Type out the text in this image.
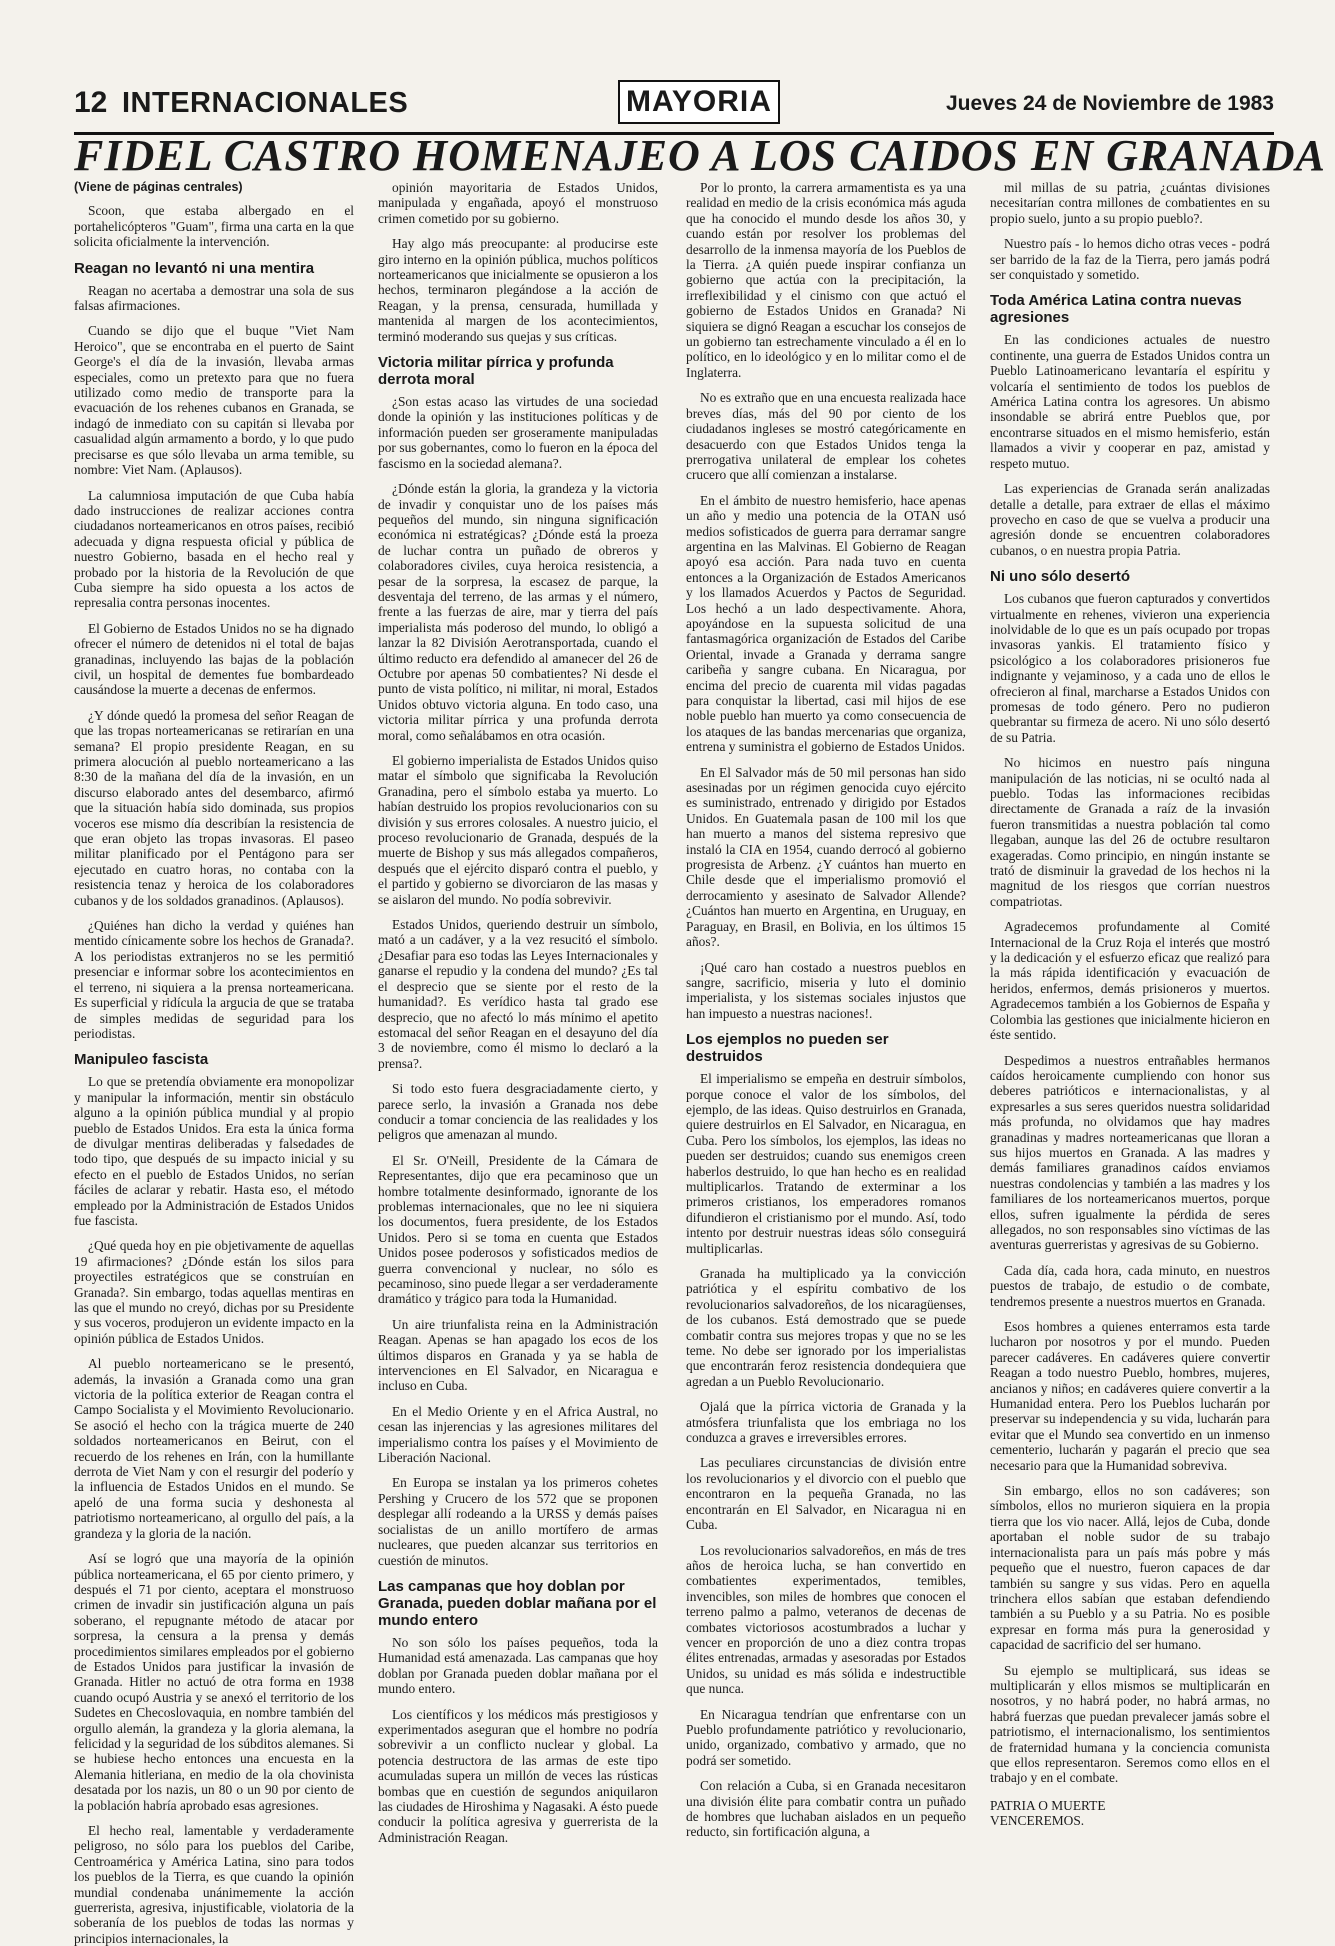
12 INTERNACIONALES	MAYORIA	Jueves 24 de Noviembre de 1983
FIDEL CASTRO HOMENAJEO A LOS CAIDOS EN GRANADA
(Viene de páginas centrales)

Scoon, que estaba albergado en el portahelicópteros "Guam", firma una carta en la que solicita oficialmente la intervención.

Reagan no levantó ni una mentira

Reagan no acertaba a demostrar una sola de sus falsas afirmaciones.

Cuando se dijo que el buque "Viet Nam Heroico", que se encontraba en el puerto de Saint George's el día de la invasión, llevaba armas especiales, como un pretexto para que no fuera utilizado como medio de transporte para la evacuación de los rehenes cubanos en Granada, se indagó de inmediato con su capitán si llevaba por casualidad algún armamento a bordo, y lo que pudo precisarse es que sólo llevaba un arma temible, su nombre: Viet Nam. (Aplausos).

La calumniosa imputación de que Cuba había dado instrucciones de realizar acciones contra ciudadanos norteamericanos en otros países, recibió adecuada y digna respuesta oficial y pública de nuestro Gobierno, basada en el hecho real y probado por la historia de la Revolución de que Cuba siempre ha sido opuesta a los actos de represalia contra personas inocentes.

El Gobierno de Estados Unidos no se ha dignado ofrecer el número de detenidos ni el total de bajas granadinas, incluyendo las bajas de la población civil, un hospital de dementes fue bombardeado causándose la muerte a decenas de enfermos.

¿Y dónde quedó la promesa del señor Reagan de que las tropas norteamericanas se retirarían en una semana? El propio presidente Reagan, en su primera alocución al pueblo norteamericano a las 8:30 de la mañana del día de la invasión, en un discurso elaborado antes del desembarco, afirmó que la situación había sido dominada, sus propios voceros ese mismo día describían la resistencia de que eran objeto las tropas invasoras. El paseo militar planificado por el Pentágono para ser ejecutado en cuatro horas, no contaba con la resistencia tenaz y heroica de los colaboradores cubanos y de los soldados granadinos. (Aplausos).

¿Quiénes han dicho la verdad y quiénes han mentido cínicamente sobre los hechos de Granada?. A los periodistas extranjeros no se les permitió presenciar e informar sobre los acontecimientos en el terreno, ni siquiera a la prensa norteamericana. Es superficial y ridícula la argucia de que se trataba de simples medidas de seguridad para los periodistas.

Manipuleo fascista

Lo que se pretendía obviamente era monopolizar y manipular la información, mentir sin obstáculo alguno a la opinión pública mundial y al propio pueblo de Estados Unidos. Era esta la única forma de divulgar mentiras deliberadas y falsedades de todo tipo, que después de su impacto inicial y su efecto en el pueblo de Estados Unidos, no serían fáciles de aclarar y rebatir. Hasta eso, el método empleado por la Administración de Estados Unidos fue fascista.

¿Qué queda hoy en pie objetivamente de aquellas 19 afirmaciones? ¿Dónde están los silos para proyectiles estratégicos que se construían en Granada?. Sin embargo, todas aquellas mentiras en las que el mundo no creyó, dichas por su Presidente y sus voceros, produjeron un evidente impacto en la opinión pública de Estados Unidos.

Al pueblo norteamericano se le presentó, además, la invasión a Granada como una gran victoria de la política exterior de Reagan contra el Campo Socialista y el Movimiento Revolucionario. Se asoció el hecho con la trágica muerte de 240 soldados norteamericanos en Beirut, con el recuerdo de los rehenes en Irán, con la humillante derrota de Viet Nam y con el resurgir del poderío y la influencia de Estados Unidos en el mundo. Se apeló de una forma sucia y deshonesta al patriotismo norteamericano, al orgullo del país, a la grandeza y la gloria de la nación.

Así se logró que una mayoría de la opinión pública norteamericana, el 65 por ciento primero, y después el 71 por ciento, aceptara el monstruoso crimen de invadir sin justificación alguna un país soberano, el repugnante método de atacar por sorpresa, la censura a la prensa y demás procedimientos similares empleados por el gobierno de Estados Unidos para justificar la invasión de Granada. Hitler no actuó de otra forma en 1938 cuando ocupó Austria y se anexó el territorio de los Sudetes en Checoslovaquia, en nombre también del orgullo alemán, la grandeza y la gloria alemana, la felicidad y la seguridad de los súbditos alemanes. Si se hubiese hecho entonces una encuesta en la Alemania hitleriana, en medio de la ola chovinista desatada por los nazis, un 80 o un 90 por ciento de la población habría aprobado esas agresiones.

El hecho real, lamentable y verdaderamente peligroso, no sólo para los pueblos del Caribe, Centroamérica y América Latina, sino para todos los pueblos de la Tierra, es que cuando la opinión mundial condenaba unánimemente la acción guerrerista, agresiva, injustificable, violatoria de la soberanía de los pueblos de todas las normas y principios internacionales, la

opinión mayoritaria de Estados Unidos, manipulada y engañada, apoyó el monstruoso crimen cometido por su gobierno.

Hay algo más preocupante: al producirse este giro interno en la opinión pública, muchos políticos norteamericanos que inicialmente se opusieron a los hechos, terminaron plegándose a la acción de Reagan, y la prensa, censurada, humillada y mantenida al margen de los acontecimientos, terminó moderando sus quejas y sus críticas.

Victoria militar pírrica y profunda derrota moral

¿Son estas acaso las virtudes de una sociedad donde la opinión y las instituciones políticas y de información pueden ser groseramente manipuladas por sus gobernantes, como lo fueron en la época del fascismo en la sociedad alemana?.

¿Dónde están la gloria, la grandeza y la victoria de invadir y conquistar uno de los países más pequeños del mundo, sin ninguna significación económica ni estratégicas? ¿Dónde está la proeza de luchar contra un puñado de obreros y colaboradores civiles, cuya heroica resistencia, a pesar de la sorpresa, la escasez de parque, la desventaja del terreno, de las armas y el número, frente a las fuerzas de aire, mar y tierra del país imperialista más poderoso del mundo, lo obligó a lanzar la 82 División Aerotransportada, cuando el último reducto era defendido al amanecer del 26 de Octubre por apenas 50 combatientes? Ni desde el punto de vista político, ni militar, ni moral, Estados Unidos obtuvo victoria alguna. En todo caso, una victoria militar pírrica y una profunda derrota moral, como señalábamos en otra ocasión.

El gobierno imperialista de Estados Unidos quiso matar el símbolo que significaba la Revolución Granadina, pero el símbolo estaba ya muerto. Lo habían destruido los propios revolucionarios con su división y sus errores colosales. A nuestro juicio, el proceso revolucionario de Granada, después de la muerte de Bishop y sus más allegados compañeros, después que el ejército disparó contra el pueblo, y el partido y gobierno se divorciaron de las masas y se aislaron del mundo. No podía sobrevivir.

Estados Unidos, queriendo destruir un símbolo, mató a un cadáver, y a la vez resucitó el símbolo. ¿Desafiar para eso todas las Leyes Internacionales y ganarse el repudio y la condena del mundo? ¿Es tal el desprecio que se siente por el resto de la humanidad?. Es verídico hasta tal grado ese desprecio, que no afectó lo más mínimo el apetito estomacal del señor Reagan en el desayuno del día 3 de noviembre, como él mismo lo declaró a la prensa?.

Si todo esto fuera desgraciadamente cierto, y parece serlo, la invasión a Granada nos debe conducir a tomar conciencia de las realidades y los peligros que amenazan al mundo.

El Sr. O'Neill, Presidente de la Cámara de Representantes, dijo que era pecaminoso que un hombre totalmente desinformado, ignorante de los problemas internacionales, que no lee ni siquiera los documentos, fuera presidente, de los Estados Unidos. Pero si se toma en cuenta que Estados Unidos posee poderosos y sofisticados medios de guerra convencional y nuclear, no sólo es pecaminoso, sino puede llegar a ser verdaderamente dramático y trágico para toda la Humanidad.

Un aire triunfalista reina en la Administración Reagan. Apenas se han apagado los ecos de los últimos disparos en Granada y ya se habla de intervenciones en El Salvador, en Nicaragua e incluso en Cuba.

En el Medio Oriente y en el Africa Austral, no cesan las injerencias y las agresiones militares del imperialismo contra los países y el Movimiento de Liberación Nacional.

En Europa se instalan ya los primeros cohetes Pershing y Crucero de los 572 que se proponen desplegar allí rodeando a la URSS y demás países socialistas de un anillo mortífero de armas nucleares, que pueden alcanzar sus territorios en cuestión de minutos.

Las campanas que hoy doblan por Granada, pueden doblar mañana por el mundo entero

No son sólo los países pequeños, toda la Humanidad está amenazada. Las campanas que hoy doblan por Granada pueden doblar mañana por el mundo entero.

Los científicos y los médicos más prestigiosos y experimentados aseguran que el hombre no podría sobrevivir a un conflicto nuclear y global. La potencia destructora de las armas de este tipo acumuladas supera un millón de veces las rústicas bombas que en cuestión de segundos aniquilaron las ciudades de Hiroshima y Nagasaki. A ésto puede conducir la política agresiva y guerrerista de la Administración Reagan.

Por lo pronto, la carrera armamentista es ya una realidad en medio de la crisis económica más aguda que ha conocido el mundo desde los años 30, y cuando están por resolver los problemas del desarrollo de la inmensa mayoría de los Pueblos de la Tierra. ¿A quién puede inspirar confianza un gobierno que actúa con la precipitación, la irreflexibilidad y el cinismo con que actuó el gobierno de Estados Unidos en Granada? Ni siquiera se dignó Reagan a escuchar los consejos de un gobierno tan estrechamente vinculado a él en lo político, en lo ideológico y en lo militar como el de Inglaterra.

No es extraño que en una encuesta realizada hace breves días, más del 90 por ciento de los ciudadanos ingleses se mostró categóricamente en desacuerdo con que Estados Unidos tenga la prerrogativa unilateral de emplear los cohetes crucero que allí comienzan a instalarse.

En el ámbito de nuestro hemisferio, hace apenas un año y medio una potencia de la OTAN usó medios sofisticados de guerra para derramar sangre argentina en las Malvinas. El Gobierno de Reagan apoyó esa acción. Para nada tuvo en cuenta entonces a la Organización de Estados Americanos y los llamados Acuerdos y Pactos de Seguridad. Los hechó a un lado despectivamente. Ahora, apoyándose en la supuesta solicitud de una fantasmagórica organización de Estados del Caribe Oriental, invade a Granada y derrama sangre caribeña y sangre cubana. En Nicaragua, por encima del precio de cuarenta mil vidas pagadas para conquistar la libertad, casi mil hijos de ese noble pueblo han muerto ya como consecuencia de los ataques de las bandas mercenarias que organiza, entrena y suministra el gobierno de Estados Unidos.

En El Salvador más de 50 mil personas han sido asesinadas por un régimen genocida cuyo ejército es suministrado, entrenado y dirigido por Estados Unidos. En Guatemala pasan de 100 mil los que han muerto a manos del sistema represivo que instaló la CIA en 1954, cuando derrocó al gobierno progresista de Arbenz. ¿Y cuántos han muerto en Chile desde que el imperialismo promovió el derrocamiento y asesinato de Salvador Allende? ¿Cuántos han muerto en Argentina, en Uruguay, en Paraguay, en Brasil, en Bolivia, en los últimos 15 años?.

¡Qué caro han costado a nuestros pueblos en sangre, sacrificio, miseria y luto el dominio imperialista, y los sistemas sociales injustos que han impuesto a nuestras naciones!.

Los ejemplos no pueden ser destruidos

El imperialismo se empeña en destruir símbolos, porque conoce el valor de los símbolos, del ejemplo, de las ideas. Quiso destruirlos en Granada, quiere destruirlos en El Salvador, en Nicaragua, en Cuba. Pero los símbolos, los ejemplos, las ideas no pueden ser destruidos; cuando sus enemigos creen haberlos destruido, lo que han hecho es en realidad multiplicarlos. Tratando de exterminar a los primeros cristianos, los emperadores romanos difundieron el cristianismo por el mundo. Así, todo intento por destruir nuestras ideas sólo conseguirá multiplicarlas.

Granada ha multiplicado ya la convicción patriótica y el espíritu combativo de los revolucionarios salvadoreños, de los nicaragüenses, de los cubanos. Está demostrado que se puede combatir contra sus mejores tropas y que no se les teme. No debe ser ignorado por los imperialistas que encontrarán feroz resistencia dondequiera que agredan a un Pueblo Revolucionario.

Ojalá que la pírrica victoria de Granada y la atmósfera triunfalista que los embriaga no los conduzca a graves e irreversibles errores.

Las peculiares circunstancias de división entre los revolucionarios y el divorcio con el pueblo que encontraron en la pequeña Granada, no las encontrarán en El Salvador, en Nicaragua ni en Cuba.

Los revolucionarios salvadoreños, en más de tres años de heroica lucha, se han convertido en combatientes experimentados, temibles, invencibles, son miles de hombres que conocen el terreno palmo a palmo, veteranos de decenas de combates victoriosos acostumbrados a luchar y vencer en proporción de uno a diez contra tropas élites entrenadas, armadas y asesoradas por Estados Unidos, su unidad es más sólida e indestructible que nunca.

En Nicaragua tendrían que enfrentarse con un Pueblo profundamente patriótico y revolucionario, unido, organizado, combativo y armado, que no podrá ser sometido.

Con relación a Cuba, si en Granada necesitaron una división élite para combatir contra un puñado de hombres que luchaban aislados en un pequeño reducto, sin fortificación alguna, a

mil millas de su patria, ¿cuántas divisiones necesitarían contra millones de combatientes en su propio suelo, junto a su propio pueblo?.

Nuestro país - lo hemos dicho otras veces - podrá ser barrido de la faz de la Tierra, pero jamás podrá ser conquistado y sometido.

Toda América Latina contra nuevas agresiones

En las condiciones actuales de nuestro continente, una guerra de Estados Unidos contra un Pueblo Latinoamericano levantaría el espíritu y volcaría el sentimiento de todos los pueblos de América Latina contra los agresores. Un abismo insondable se abrirá entre Pueblos que, por encontrarse situados en el mismo hemisferio, están llamados a vivir y cooperar en paz, amistad y respeto mutuo.

Las experiencias de Granada serán analizadas detalle a detalle, para extraer de ellas el máximo provecho en caso de que se vuelva a producir una agresión donde se encuentren colaboradores cubanos, o en nuestra propia Patria.

Ni uno sólo desertó

Los cubanos que fueron capturados y convertidos virtualmente en rehenes, vivieron una experiencia inolvidable de lo que es un país ocupado por tropas invasoras yankis. El tratamiento físico y psicológico a los colaboradores prisioneros fue indignante y vejaminoso, y a cada uno de ellos le ofrecieron al final, marcharse a Estados Unidos con promesas de todo género. Pero no pudieron quebrantar su firmeza de acero. Ni uno sólo desertó de su Patria.

No hicimos en nuestro país ninguna manipulación de las noticias, ni se ocultó nada al pueblo. Todas las informaciones recibidas directamente de Granada a raíz de la invasión fueron transmitidas a nuestra población tal como llegaban, aunque las del 26 de octubre resultaron exageradas. Como principio, en ningún instante se trató de disminuir la gravedad de los hechos ni la magnitud de los riesgos que corrían nuestros compatriotas.

Agradecemos profundamente al Comité Internacional de la Cruz Roja el interés que mostró y la dedicación y el esfuerzo eficaz que realizó para la más rápida identificación y evacuación de heridos, enfermos, demás prisioneros y muertos. Agradecemos también a los Gobiernos de España y Colombia las gestiones que inicialmente hicieron en éste sentido.

Despedimos a nuestros entrañables hermanos caídos heroicamente cumpliendo con honor sus deberes patrióticos e internacionalistas, y al expresarles a sus seres queridos nuestra solidaridad más profunda, no olvidamos que hay madres granadinas y madres norteamericanas que lloran a sus hijos muertos en Granada. A las madres y demás familiares granadinos caídos enviamos nuestras condolencias y también a las madres y los familiares de los norteamericanos muertos, porque ellos, sufren igualmente la pérdida de seres allegados, no son responsables sino víctimas de las aventuras guerreristas y agresivas de su Gobierno.

Cada día, cada hora, cada minuto, en nuestros puestos de trabajo, de estudio o de combate, tendremos presente a nuestros muertos en Granada.

Esos hombres a quienes enterramos esta tarde lucharon por nosotros y por el mundo. Pueden parecer cadáveres. En cadáveres quiere convertir Reagan a todo nuestro Pueblo, hombres, mujeres, ancianos y niños; en cadáveres quiere convertir a la Humanidad entera. Pero los Pueblos lucharán por preservar su independencia y su vida, lucharán para evitar que el Mundo sea convertido en un inmenso cementerio, lucharán y pagarán el precio que sea necesario para que la Humanidad sobreviva.

Sin embargo, ellos no son cadáveres; son símbolos, ellos no murieron siquiera en la propia tierra que los vio nacer. Allá, lejos de Cuba, donde aportaban el noble sudor de su trabajo internacionalista para un país más pobre y más pequeño que el nuestro, fueron capaces de dar también su sangre y sus vidas. Pero en aquella trinchera ellos sabían que estaban defendiendo también a su Pueblo y a su Patria. No es posible expresar en forma más pura la generosidad y capacidad de sacrificio del ser humano.

Su ejemplo se multiplicará, sus ideas se multiplicarán y ellos mismos se multiplicarán en nosotros, y no habrá poder, no habrá armas, no habrá fuerzas que puedan prevalecer jamás sobre el patriotismo, el internacionalismo, los sentimientos de fraternidad humana y la conciencia comunista que ellos representaron. Seremos como ellos en el trabajo y en el combate.

PATRIA O MUERTE

VENCEREMOS.
